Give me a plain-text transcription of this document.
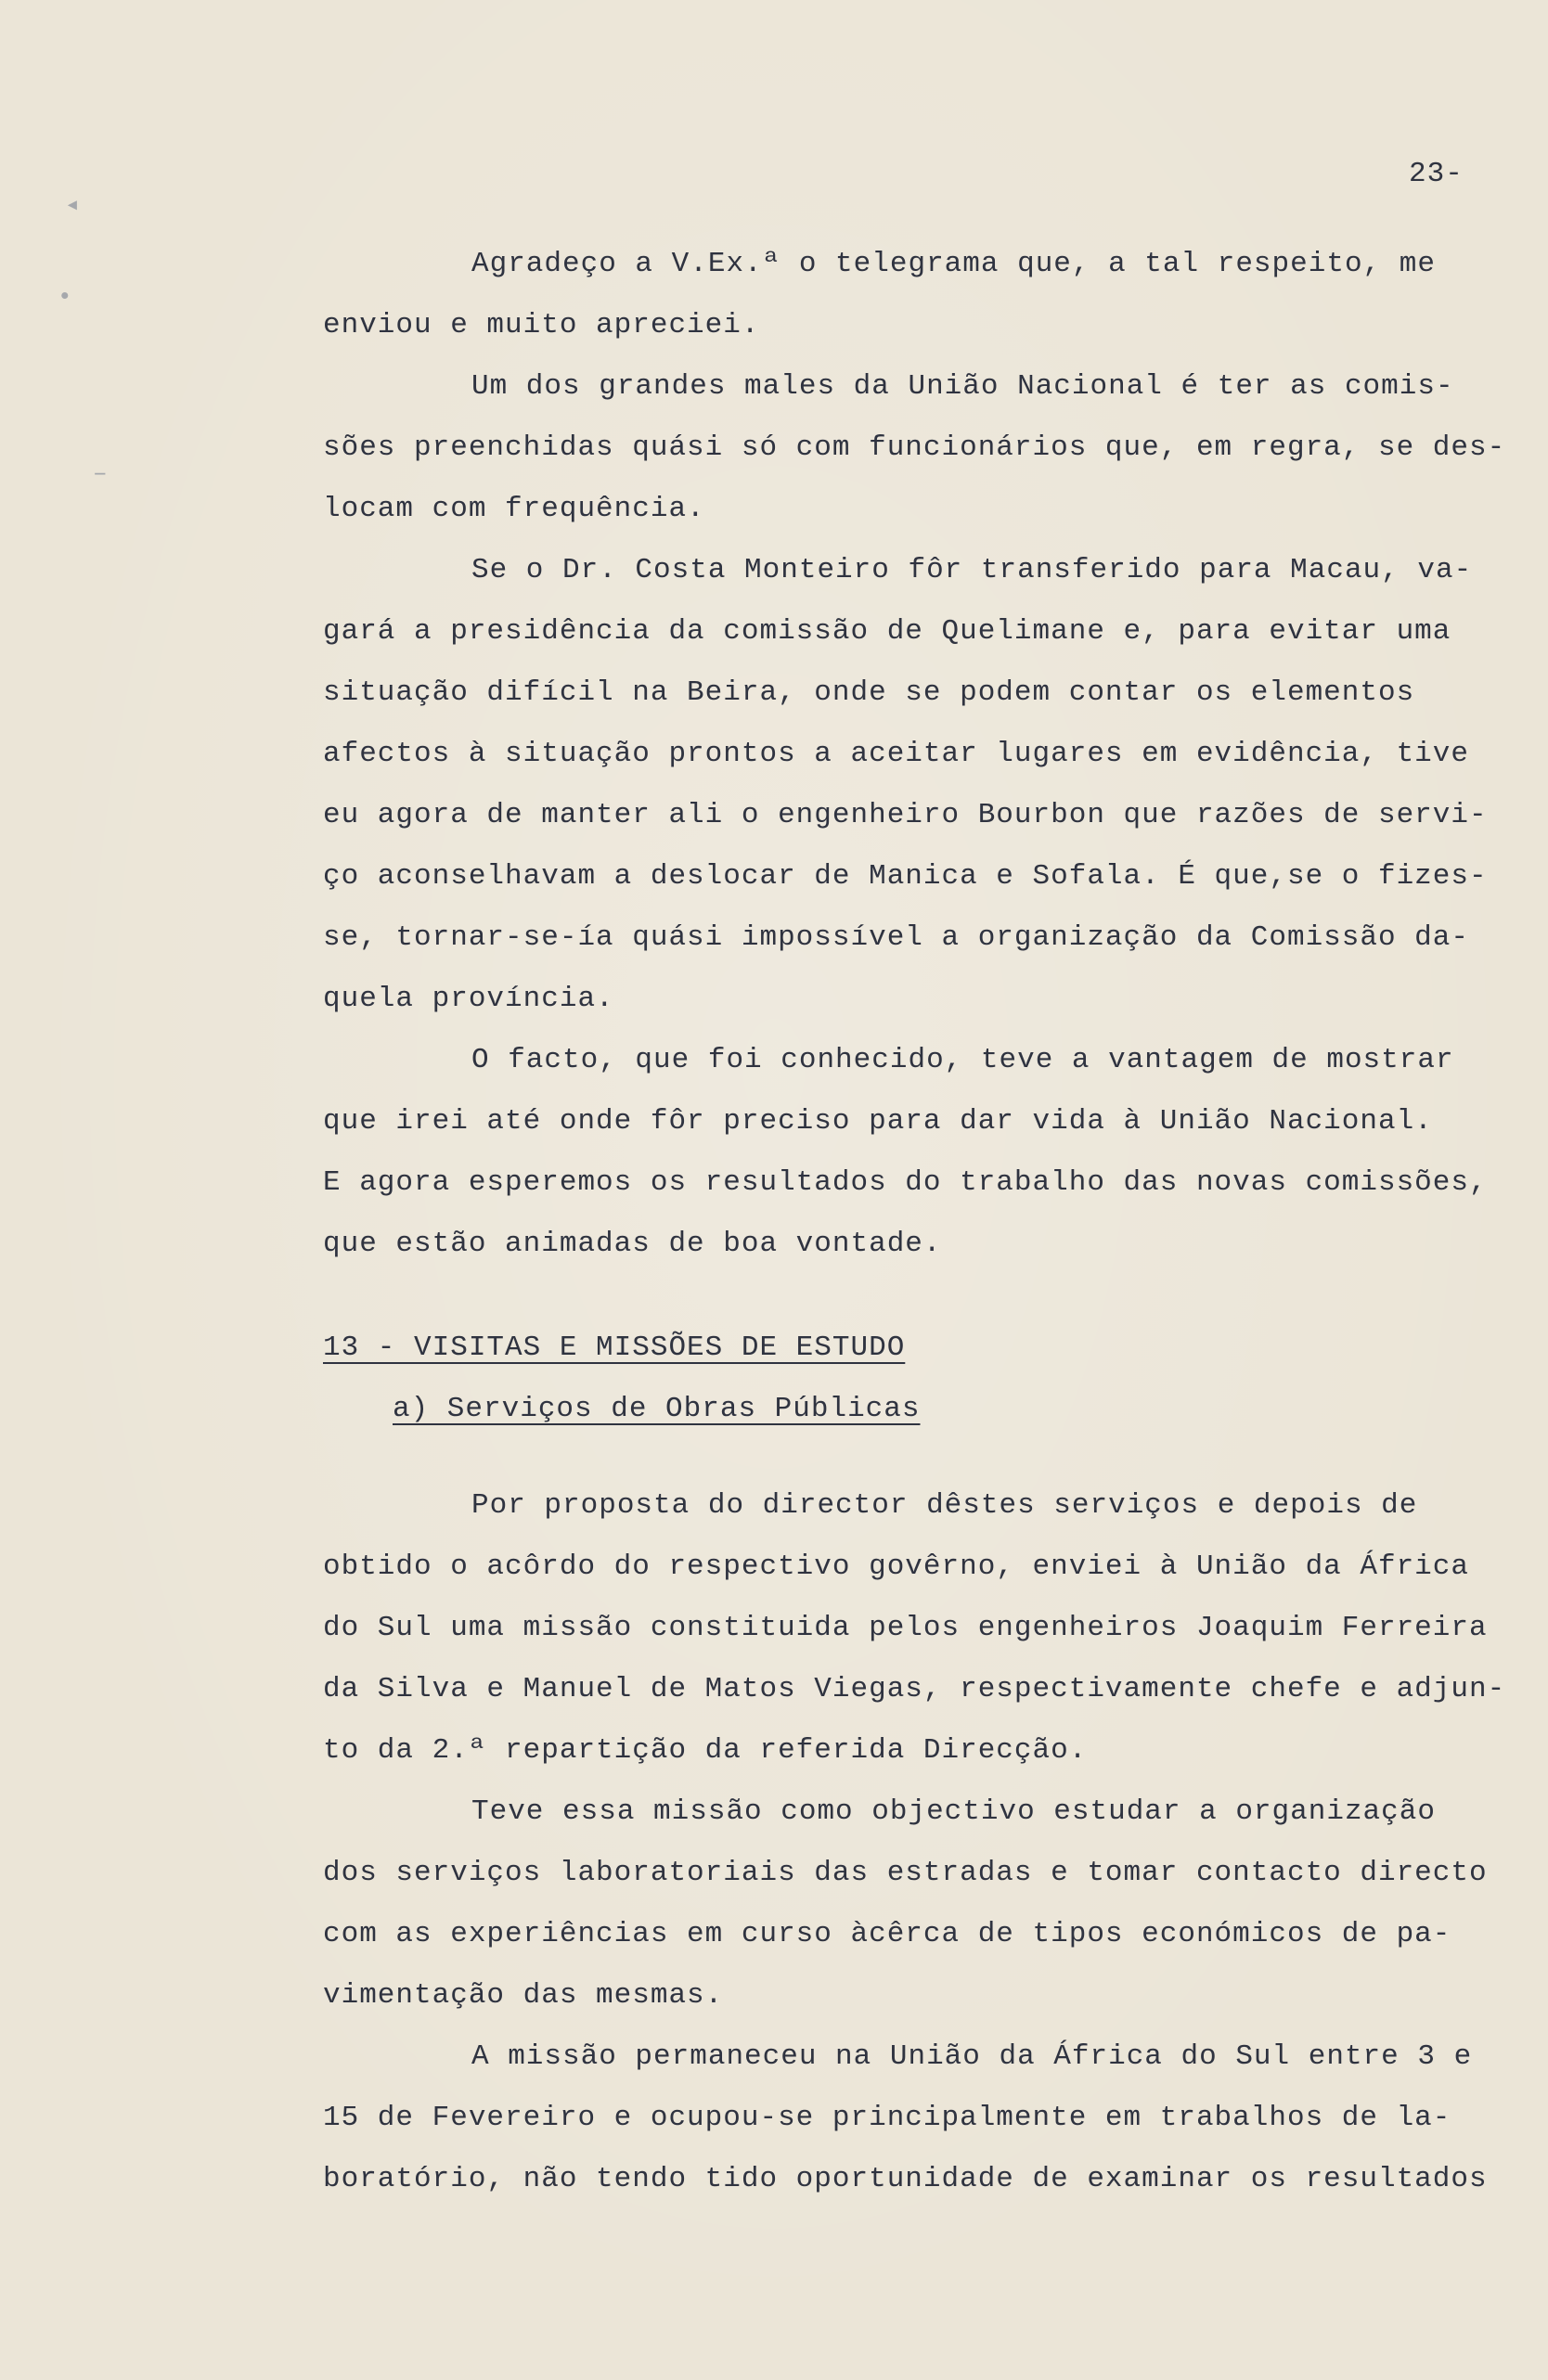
◂
•
–
23-
Agradeço a V.Ex.ª o telegrama que, a tal respeito, me
enviou e muito apreciei.
Um dos grandes males da União Nacional é ter as comis-
sões preenchidas quási só com funcionários que, em regra, se des-
locam com frequência.
Se o Dr. Costa Monteiro fôr transferido para Macau, va-
gará a presidência da comissão de Quelimane e, para evitar uma
situação difícil na Beira, onde se podem contar os elementos
afectos à situação prontos a aceitar lugares em evidência, tive
eu agora de manter ali o engenheiro Bourbon que razões de servi-
ço aconselhavam a deslocar de Manica e Sofala. É que,se o fizes-
se, tornar-se-ía quási impossível a organização da Comissão da-
quela província.
O facto, que foi conhecido, teve a vantagem de mostrar
que irei até onde fôr preciso para dar vida à União Nacional.
E agora esperemos os resultados do trabalho das novas comissões,
que estão animadas de boa vontade.
13 - VISITAS E MISSÕES DE ESTUDO
a) Serviços de Obras Públicas
Por proposta do director dêstes serviços e depois de
obtido o acôrdo do respectivo govêrno, enviei à União da África
do Sul uma missão constituida pelos engenheiros Joaquim Ferreira
da Silva e Manuel de Matos Viegas, respectivamente chefe e adjun-
to da 2.ª repartição da referida Direcção.
Teve essa missão como objectivo estudar a organização
dos serviços laboratoriais das estradas e tomar contacto directo
com as experiências em curso àcêrca de tipos económicos de pa-
vimentação das mesmas.
A missão permaneceu na União da África do Sul entre 3 e
15 de Fevereiro e ocupou-se principalmente em trabalhos de la-
boratório, não tendo tido oportunidade de examinar os resultados
